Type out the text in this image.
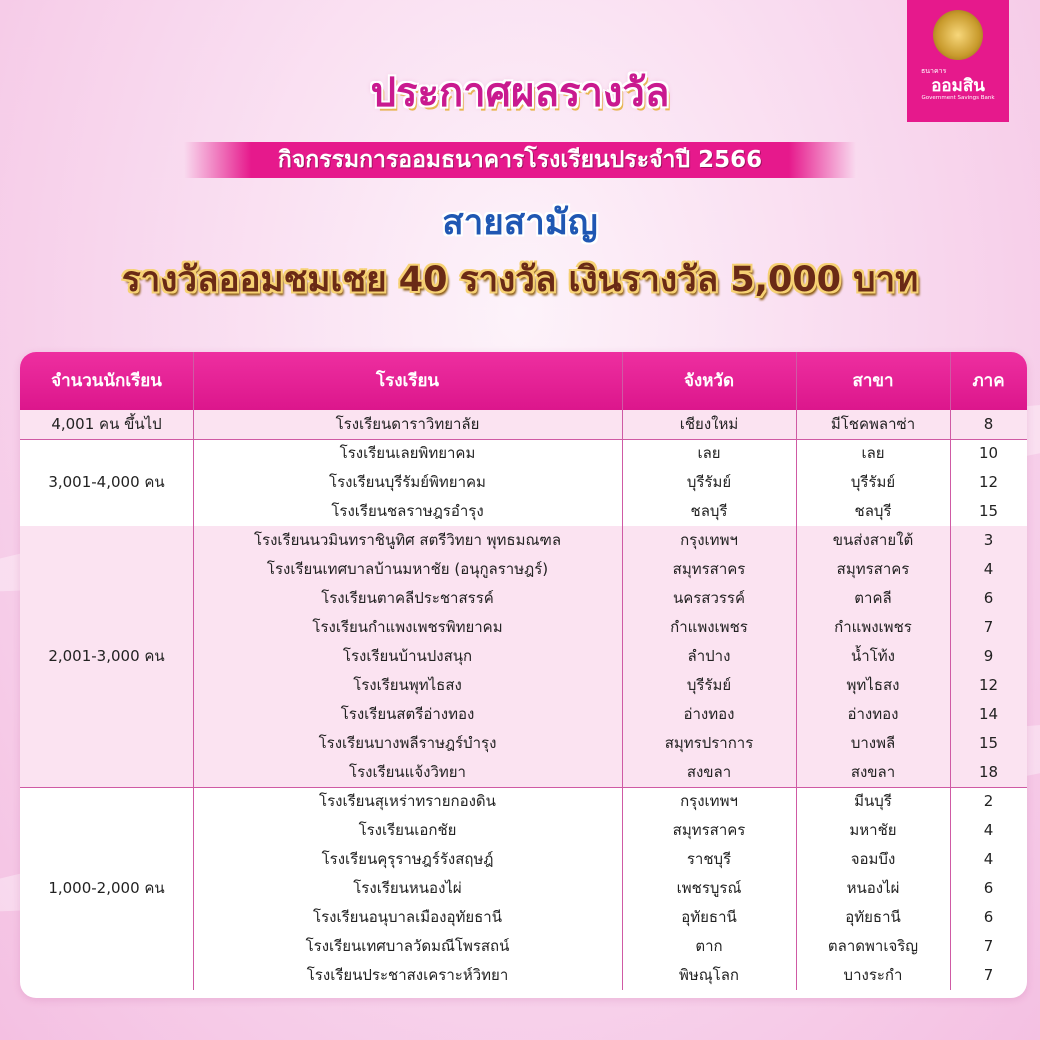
ธนาคาร
ออมสิน
Government Savings Bank
ประกาศผลรางวัล
กิจกรรมการออมธนาคารโรงเรียนประจำปี 2566
สายสามัญ
รางวัลออมชมเชย 40 รางวัล เงินรางวัล 5,000 บาท
จำนวนนักเรียน	โรงเรียน	จังหวัด	สาขา	ภาค
4,001 คน ขึ้นไป	โรงเรียนดาราวิทยาลัย	เชียงใหม่	มีโชคพลาซ่า	8
3,001-4,000 คน
โรงเรียนเลยพิทยาคม	เลย	เลย	10
โรงเรียนบุรีรัมย์พิทยาคม	บุรีรัมย์	บุรีรัมย์	12
โรงเรียนชลราษฎรอำรุง	ชลบุรี	ชลบุรี	15
2,001-3,000 คน
โรงเรียนนวมินทราชินูทิศ สตรีวิทยา พุทธมณฑล	กรุงเทพฯ	ขนส่งสายใต้	3
โรงเรียนเทศบาลบ้านมหาชัย (อนุกูลราษฎร์)	สมุทรสาคร	สมุทรสาคร	4
โรงเรียนตาคลีประชาสรรค์	นครสวรรค์	ตาคลี	6
โรงเรียนกำแพงเพชรพิทยาคม	กำแพงเพชร	กำแพงเพชร	7
โรงเรียนบ้านปงสนุก	ลำปาง	น้ำโท้ง	9
โรงเรียนพุทไธสง	บุรีรัมย์	พุทไธสง	12
โรงเรียนสตรีอ่างทอง	อ่างทอง	อ่างทอง	14
โรงเรียนบางพลีราษฎร์บำรุง	สมุทรปราการ	บางพลี	15
โรงเรียนแจ้งวิทยา	สงขลา	สงขลา	18
1,000-2,000 คน
โรงเรียนสุเหร่าทรายกองดิน	กรุงเทพฯ	มีนบุรี	2
โรงเรียนเอกชัย	สมุทรสาคร	มหาชัย	4
โรงเรียนคุรุราษฎร์รังสฤษฎ์	ราชบุรี	จอมบึง	4
โรงเรียนหนองไผ่	เพชรบูรณ์	หนองไผ่	6
โรงเรียนอนุบาลเมืองอุทัยธานี	อุทัยธานี	อุทัยธานี	6
โรงเรียนเทศบาลวัดมณีโพรสถน์	ตาก	ตลาดพาเจริญ	7
โรงเรียนประชาสงเคราะห์วิทยา	พิษณุโลก	บางระกำ	7
